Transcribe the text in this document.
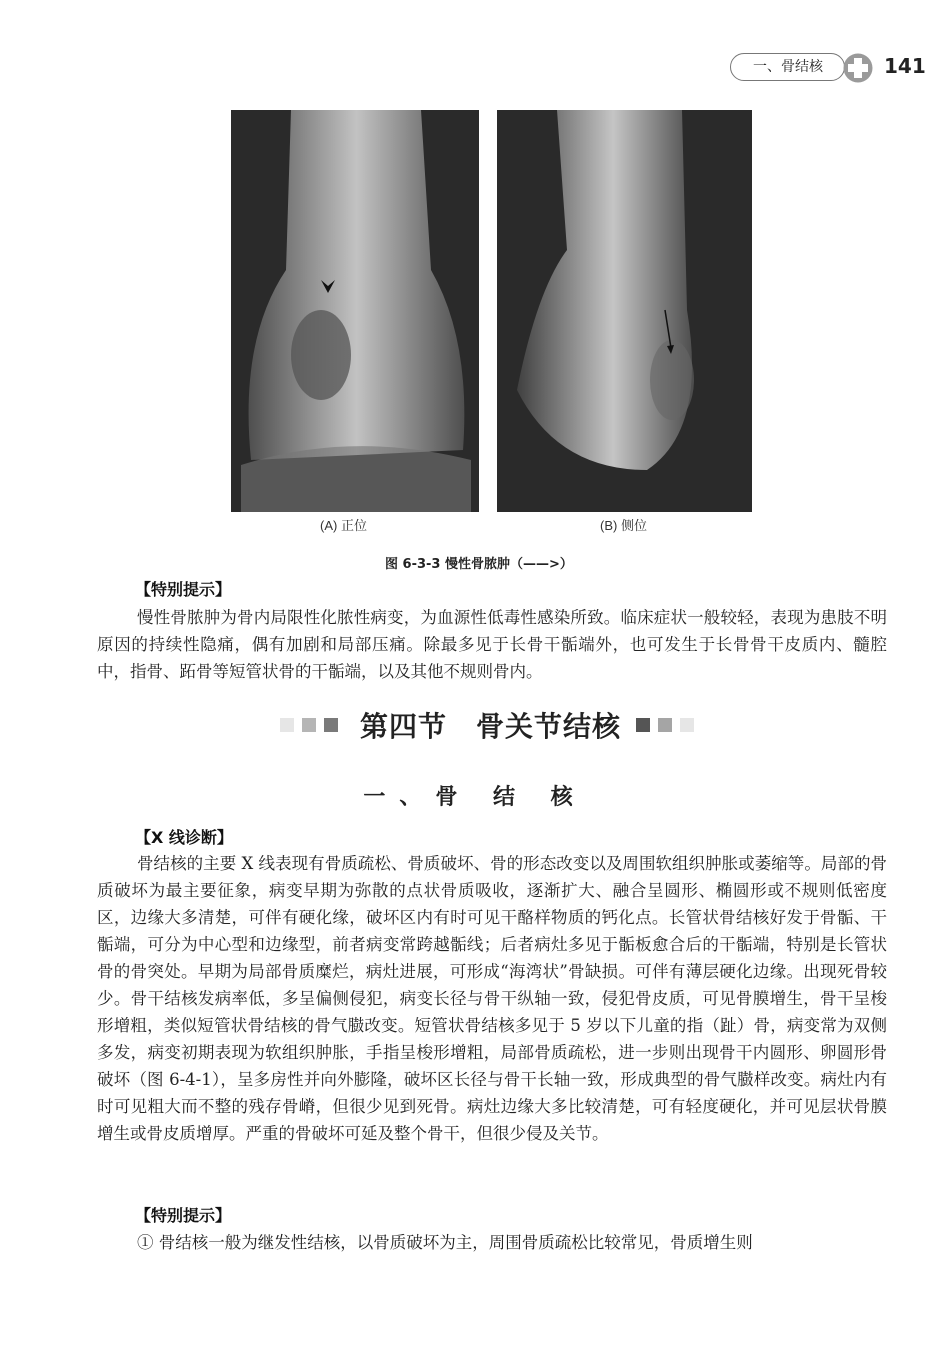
一、骨结核	141
(A) 正位	(B) 侧位
图 6-3-3 慢性骨脓肿（——>）
【特别提示】

慢性骨脓肿为骨内局限性化脓性病变，为血源性低毒性感染所致。临床症状一般较轻，表现为患肢不明原因的持续性隐痛，偶有加剧和局部压痛。除最多见于长骨干骺端外，也可发生于长骨骨干皮质内、髓腔中，指骨、跖骨等短管状骨的干骺端，以及其他不规则骨内。

第四节　骨关节结核
一、骨 结 核
【X 线诊断】

骨结核的主要 X 线表现有骨质疏松、骨质破坏、骨的形态改变以及周围软组织肿胀或萎缩等。局部的骨质破坏为最主要征象，病变早期为弥散的点状骨质吸收，逐渐扩大、融合呈圆形、椭圆形或不规则低密度区，边缘大多清楚，可伴有硬化缘，破坏区内有时可见干酪样物质的钙化点。长管状骨结核好发于骨骺、干骺端，可分为中心型和边缘型，前者病变常跨越骺线；后者病灶多见于骺板愈合后的干骺端，特别是长管状骨的骨突处。早期为局部骨质糜烂，病灶进展，可形成“海湾状”骨缺损。可伴有薄层硬化边缘。出现死骨较少。骨干结核发病率低，多呈偏侧侵犯，病变长径与骨干纵轴一致，侵犯骨皮质，可见骨膜增生，骨干呈梭形增粗，类似短管状骨结核的骨气臌改变。短管状骨结核多见于 5 岁以下儿童的指（趾）骨，病变常为双侧多发，病变初期表现为软组织肿胀，手指呈梭形增粗，局部骨质疏松，进一步则出现骨干内圆形、卵圆形骨破坏（图 6-4-1），呈多房性并向外膨隆，破坏区长径与骨干长轴一致，形成典型的骨气臌样改变。病灶内有时可见粗大而不整的残存骨嵴，但很少见到死骨。病灶边缘大多比较清楚，可有轻度硬化，并可见层状骨膜增生或骨皮质增厚。严重的骨破坏可延及整个骨干，但很少侵及关节。

【特别提示】

① 骨结核一般为继发性结核，以骨质破坏为主，周围骨质疏松比较常见，骨质增生则
